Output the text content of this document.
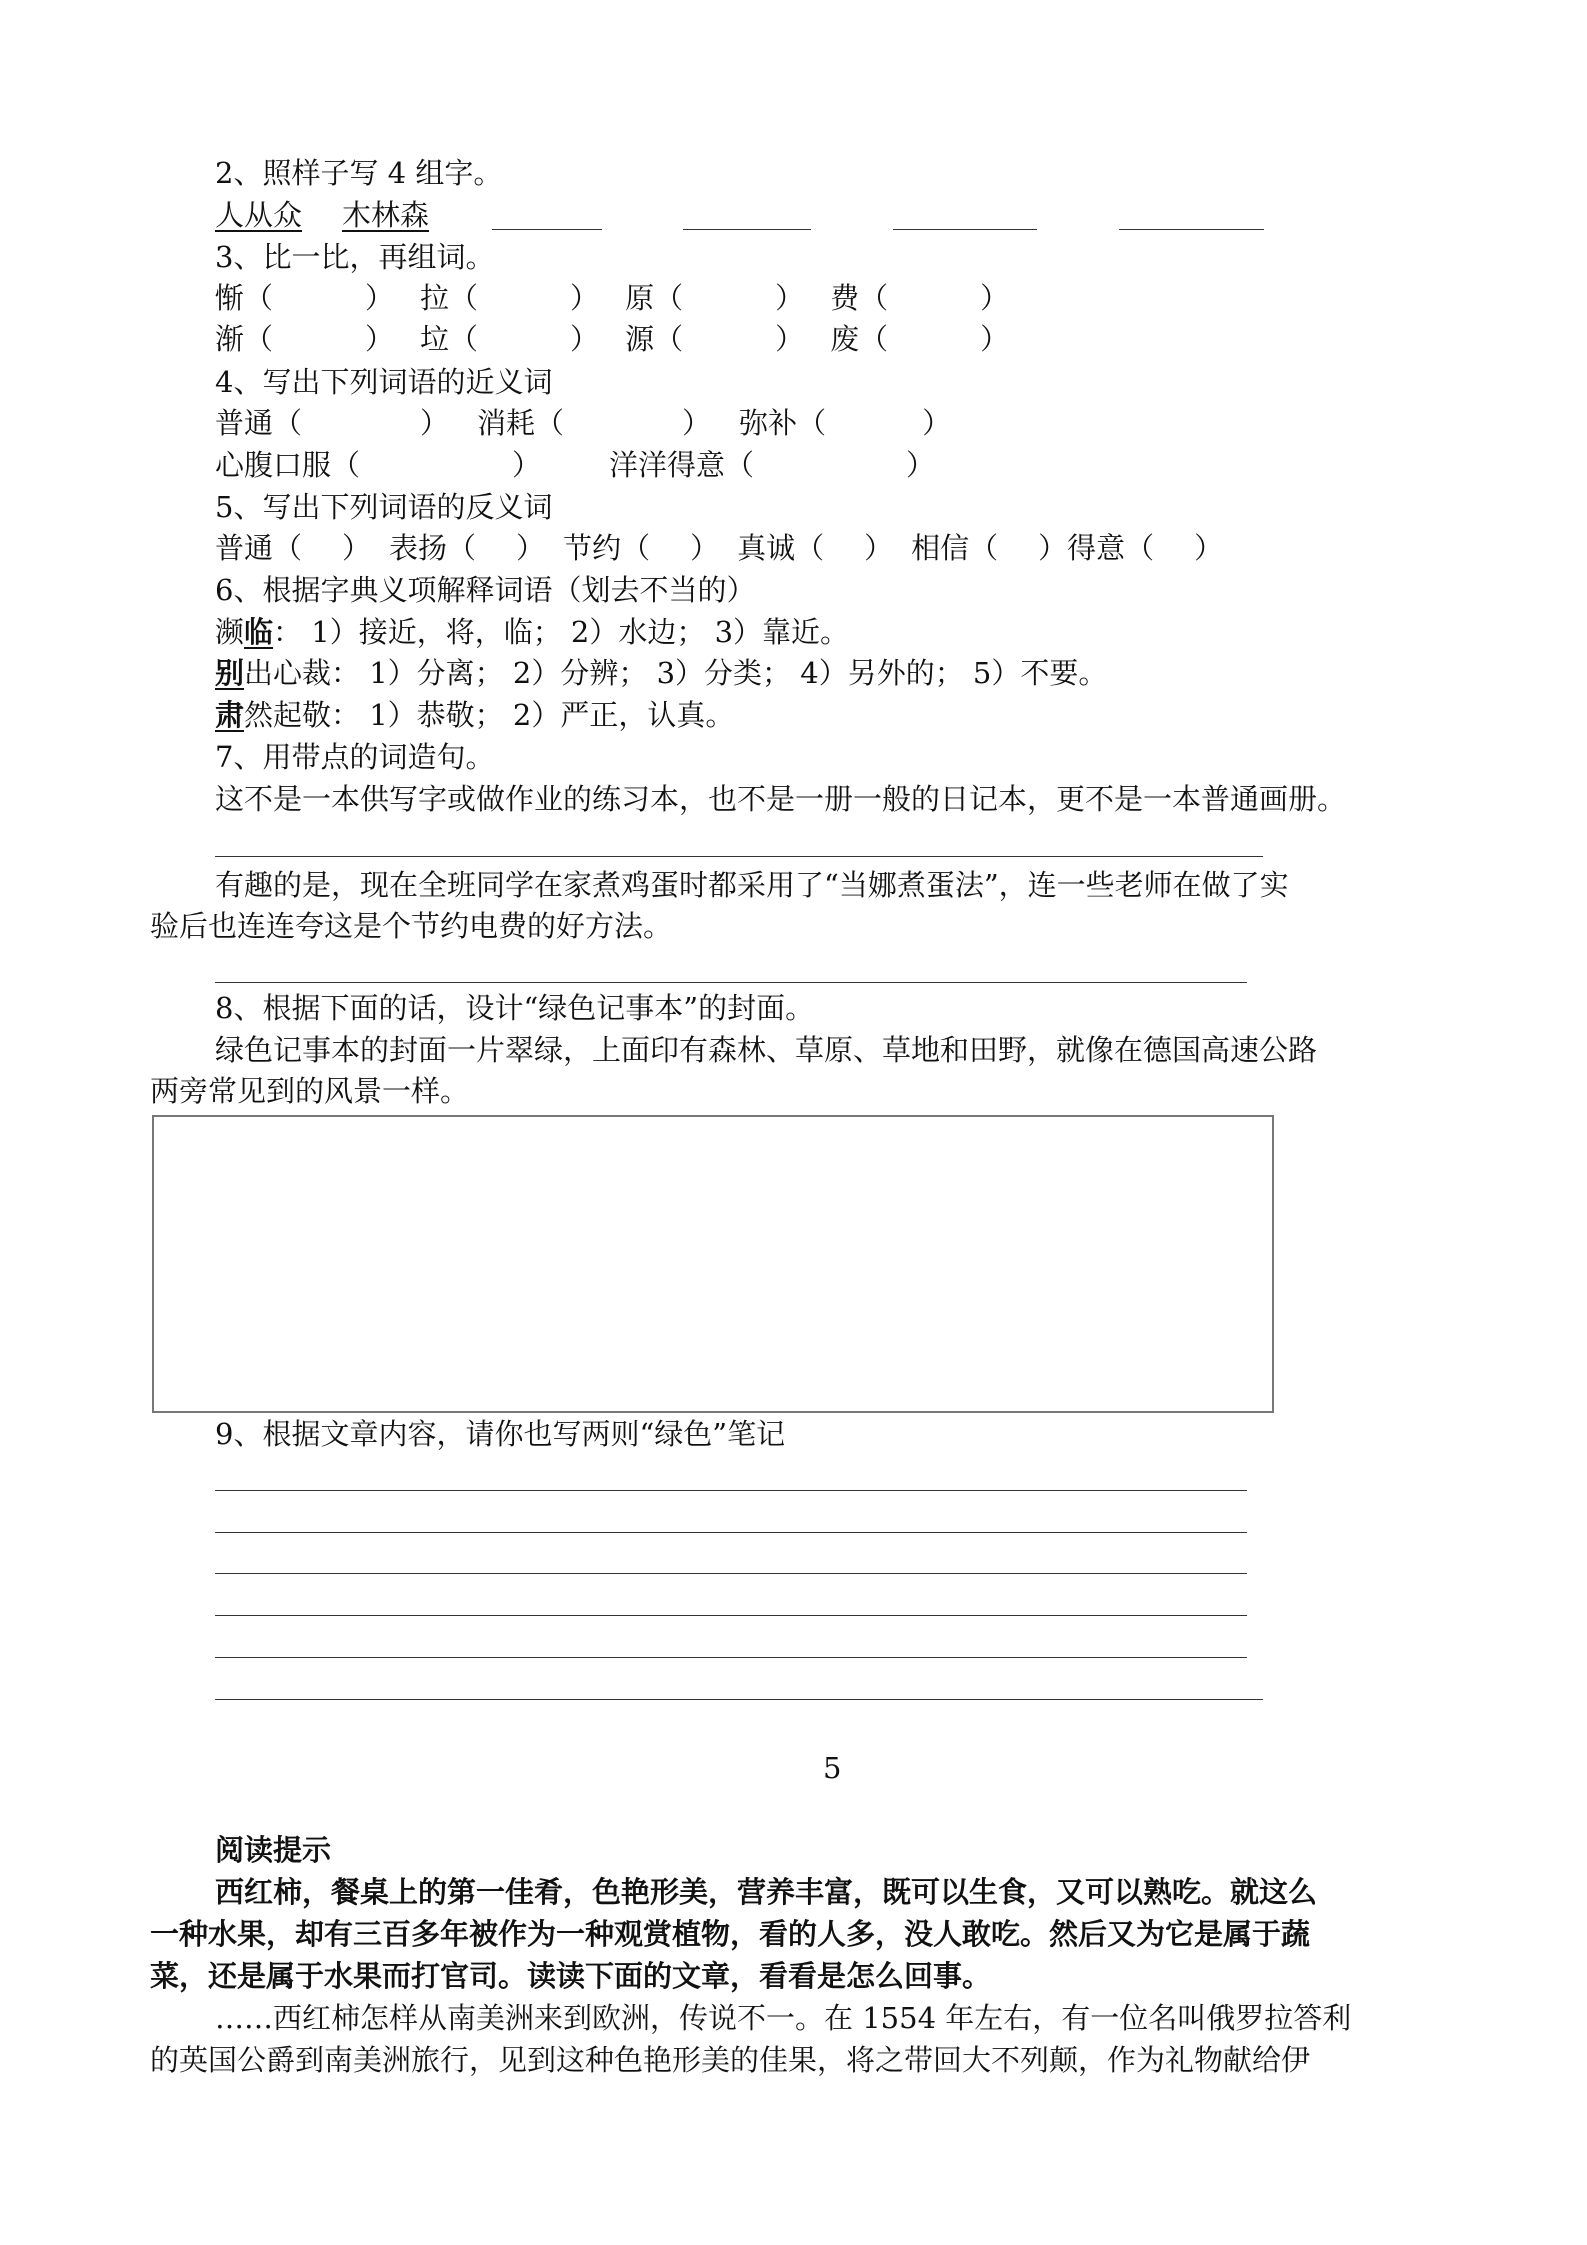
2、照样子写 4 组字。
人从众 木林森
3、比一比，再组词。
惭（	） 拉（	） 原（	） 费（	）
渐（	） 垃（	） 源（	） 废（	）
4、写出下列词语的近义词
普通（	） 消耗（	） 弥补（	）
心腹口服（	） 洋洋得意（	）
5、写出下列词语的反义词
普通（ ） 表扬（ ） 节约（ ） 真诚（ ） 相信（ ）得意（ ）
6、根据字典义项解释词语（划去不当的）
濒临： 1）接近，将，临； 2）水边； 3）靠近。
别出心裁： 1）分离； 2）分辨； 3）分类； 4）另外的； 5）不要。
肃然起敬： 1）恭敬； 2）严正，认真。
7、用带点的词造句。
这不是一本供写字或做作业的练习本，也不是一册一般的日记本，更不是一本普通画册。
有趣的是，现在全班同学在家煮鸡蛋时都采用了“当娜煮蛋法”，连一些老师在做了实
验后也连连夸这是个节约电费的好方法。
8、根据下面的话，设计“绿色记事本”的封面。
绿色记事本的封面一片翠绿，上面印有森林、草原、草地和田野，就像在德国高速公路
两旁常见到的风景一样。
9、根据文章内容，请你也写两则“绿色”笔记
5
阅读提示
西红柿，餐桌上的第一佳肴，色艳形美，营养丰富，既可以生食，又可以熟吃。就这么
一种水果，却有三百多年被作为一种观赏植物，看的人多，没人敢吃。然后又为它是属于蔬
菜，还是属于水果而打官司。读读下面的文章，看看是怎么回事。
……西红柿怎样从南美洲来到欧洲，传说不一。在 1554 年左右，有一位名叫俄罗拉答利
的英国公爵到南美洲旅行，见到这种色艳形美的佳果，将之带回大不列颠，作为礼物献给伊
